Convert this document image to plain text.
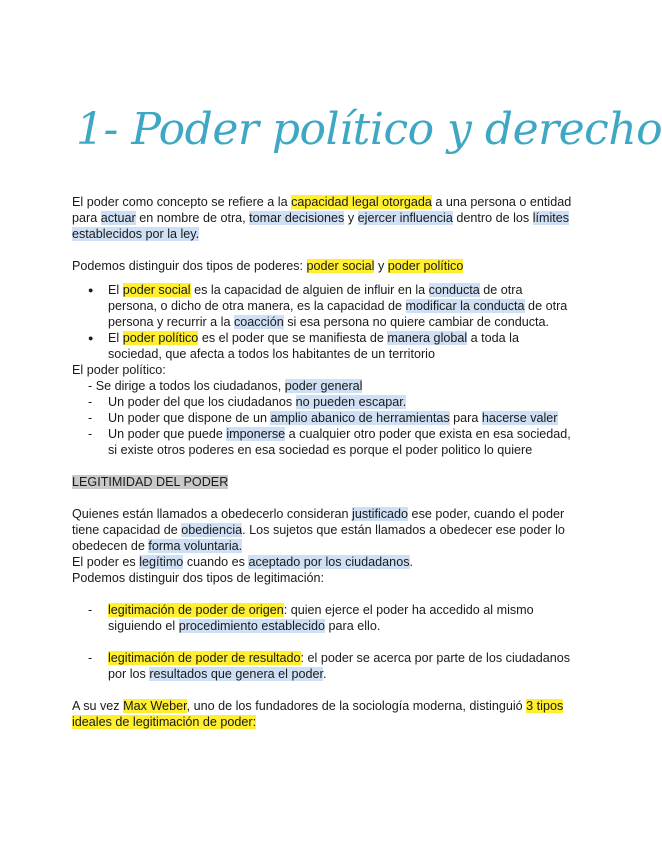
1- Poder político y derecho

El poder como concepto se refiere a la capacidad legal otorgada a una persona o entidad para actuar en nombre de otra, tomar decisiones y ejercer influencia dentro de los límites establecidos por la ley.

Podemos distinguir dos tipos de poderes: poder social y poder político

● El poder social es la capacidad de alguien de influir en la conducta de otra persona, o dicho de otra manera, es la capacidad de modificar la conducta de otra persona y recurrir a la coacción si esa persona no quiere cambiar de conducta.
● El poder político es el poder que se manifiesta de manera global a toda la sociedad, que afecta a todos los habitantes de un territorio

El poder político:

- Se dirige a todos los ciudadanos, poder general

- Un poder del que los ciudadanos no pueden escapar.

- Un poder que dispone de un amplio abanico de herramientas para hacerse valer

- Un poder que puede imponerse a cualquier otro poder que exista en esa sociedad, si existe otros poderes en esa sociedad es porque el poder politico lo quiere

LEGITIMIDAD DEL PODER

Quienes están llamados a obedecerlo consideran justificado ese poder, cuando el poder tiene capacidad de obediencia. Los sujetos que están llamados a obedecer ese poder lo obedecen de forma voluntaria.

El poder es legítimo cuando es aceptado por los ciudadanos.

Podemos distinguir dos tipos de legitimación:

- legitimación de poder de origen: quien ejerce el poder ha accedido al mismo siguiendo el procedimiento establecido para ello.

- legitimación de poder de resultado: el poder se acerca por parte de los ciudadanos por los resultados que genera el poder.

A su vez Max Weber, uno de los fundadores de la sociología moderna, distinguió 3 tipos ideales de legitimación de poder:
